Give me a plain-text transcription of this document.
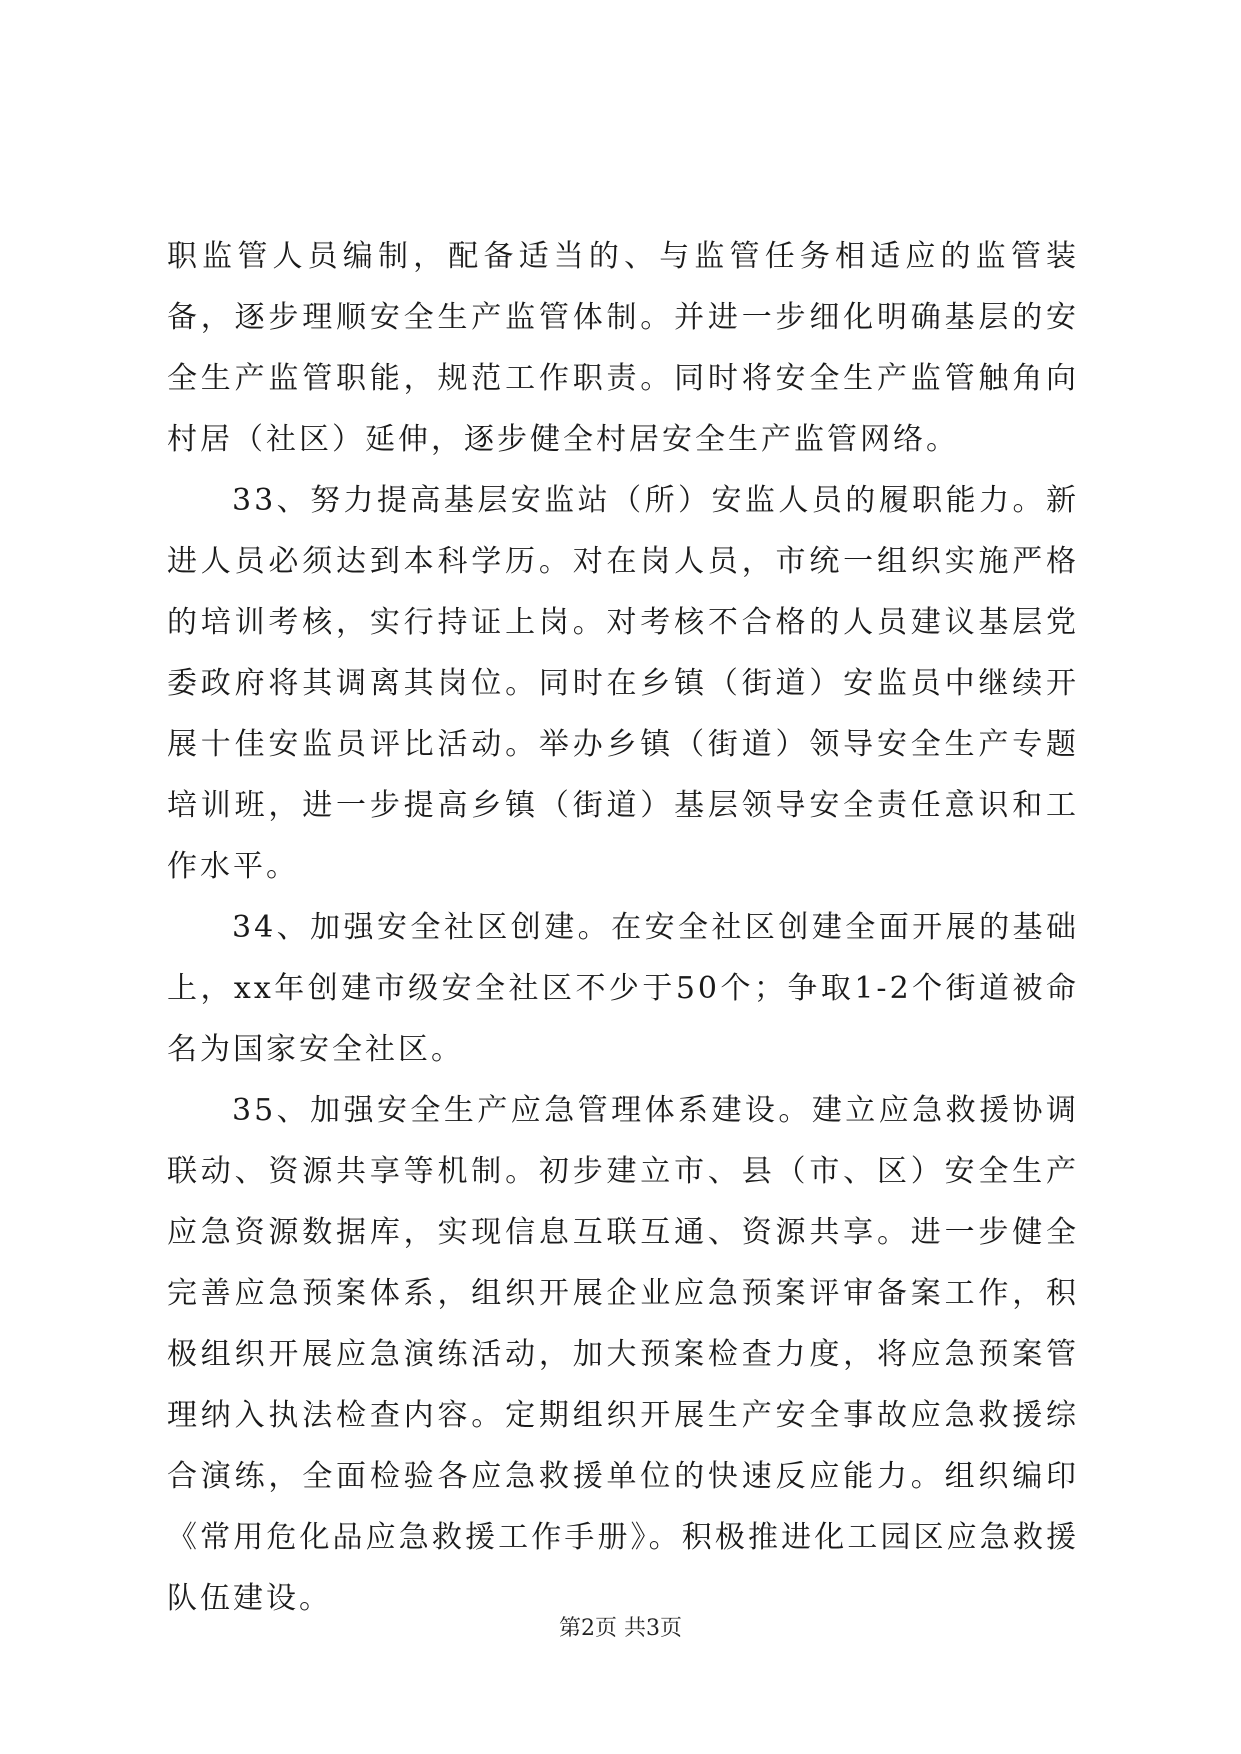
职监管人员编制，配备适当的、与监管任务相适应的监管装备，逐步理顺安全生产监管体制。并进一步细化明确基层的安全生产监管职能，规范工作职责。同时将安全生产监管触角向村居（社区）延伸，逐步健全村居安全生产监管网络。

33、努力提高基层安监站（所）安监人员的履职能力。新进人员必须达到本科学历。对在岗人员，市统一组织实施严格的培训考核，实行持证上岗。对考核不合格的人员建议基层党委政府将其调离其岗位。同时在乡镇（街道）安监员中继续开展十佳安监员评比活动。举办乡镇（街道）领导安全生产专题培训班，进一步提高乡镇（街道）基层领导安全责任意识和工作水平。

34、加强安全社区创建。在安全社区创建全面开展的基础上，xx年创建市级安全社区不少于50个；争取1-2个街道被命名为国家安全社区。

35、加强安全生产应急管理体系建设。建立应急救援协调联动、资源共享等机制。初步建立市、县（市、区）安全生产应急资源数据库，实现信息互联互通、资源共享。进一步健全完善应急预案体系，组织开展企业应急预案评审备案工作，积极组织开展应急演练活动，加大预案检查力度，将应急预案管理纳入执法检查内容。定期组织开展生产安全事故应急救援综合演练，全面检验各应急救援单位的快速反应能力。组织编印《常用危化品应急救援工作手册》。积极推进化工园区应急救援队伍建设。

第2页 共3页
